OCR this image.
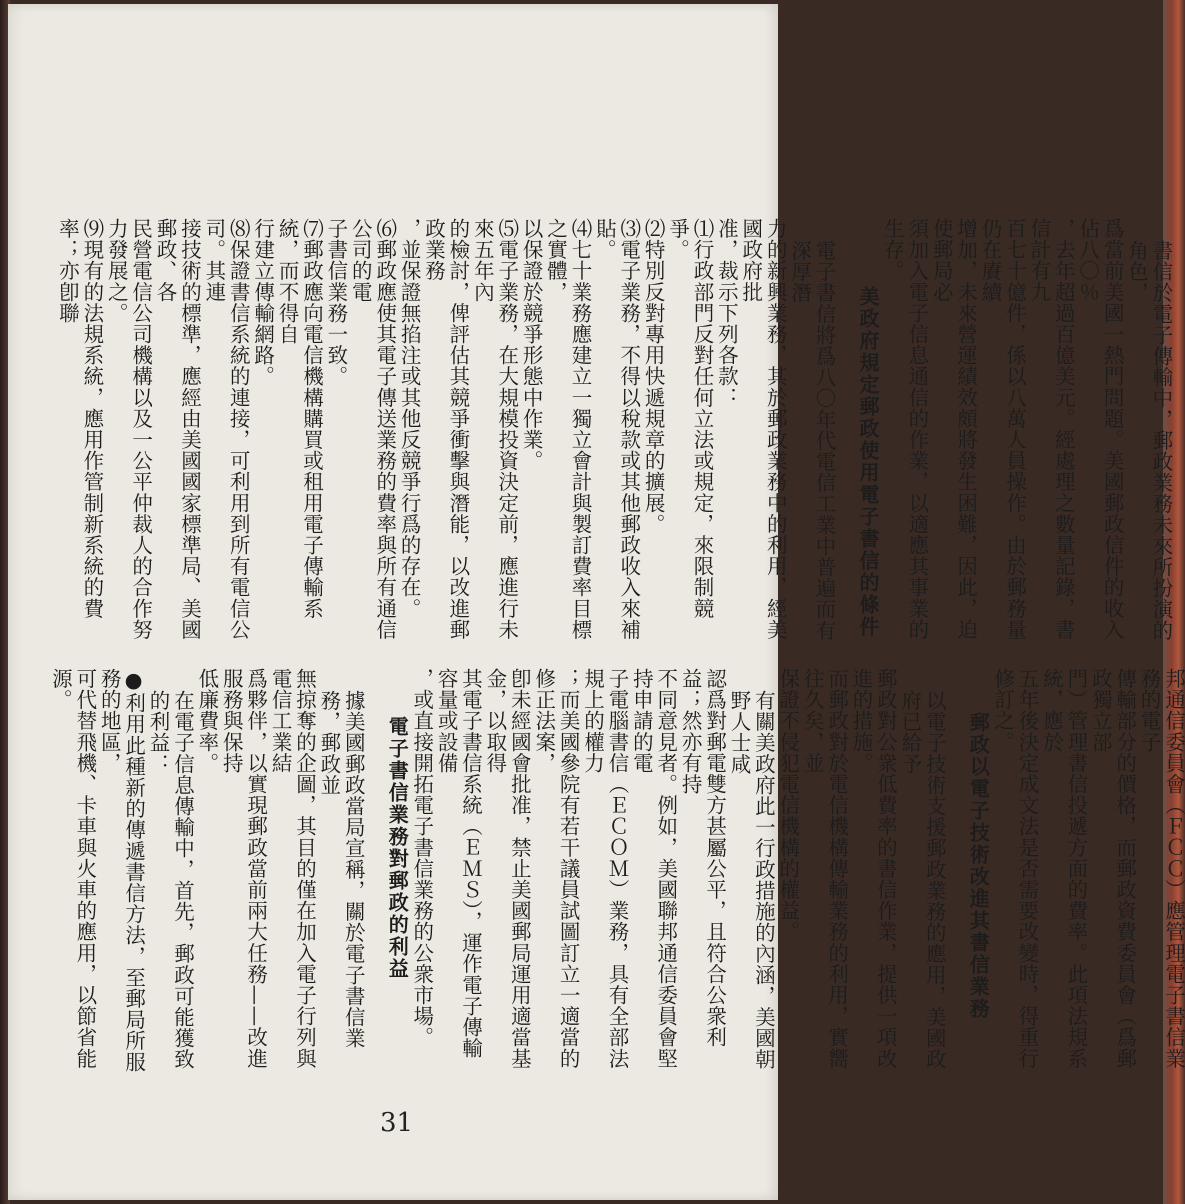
書信於電子傳輸中，郵政業務未來所扮演的角色，

爲當前美國一熱門問題。美國郵政信件的收入佔八〇％

，去年超過百億美元。經處理之數量記錄，書信計有九

百七十億件，係以八萬人員操作。由於郵務量仍在賡續

增加，未來營運績效頗將發生困難，因此，迫使郵局必

須加入電子信息通信的作業，以適應其事業的生存。

美政府規定郵政使用電子書信的條件

電子書信將爲八〇年代電信工業中普遍而有深厚潛

力的新興業務，其於郵政業務中的利用，經美國政府批

准，裁示下列各款：

⑴行政部門反對任何立法或規定，來限制競爭。

⑵特別反對專用快遞規章的擴展。

⑶電子業務，不得以稅款或其他郵政收入來補貼。

⑷七十業務應建立一獨立會計與製訂費率目標之實體，

以保證於競爭形態中作業。

⑸電子業務，在大規模投資決定前，應進行未來五年內

的檢討，俾評估其競爭衝擊與潛能，以改進郵政業務

，並保證無掐注或其他反競爭行爲的存在。

⑹郵政應使其電子傳送業務的費率與所有通信公司的電

子書信業務一致。

⑺郵政應向電信機構購買或租用電子傳輸系統，而不得自

行建立傳輸網路。

⑻保證書信系統的連接，可利用到所有電信公司。其連

接技術的標準，應經由美國國家標準局、美國郵政、各

民營電信公司機構以及一公平仲裁人的合作努力發展之。

⑼現有的法規系統，應用作管制新系統的費率；亦卽聯

邦通信委員會（ＦＣＣ）應管理電子書信業務的電子

傳輸部分的價格，而郵政資費委員會（爲郵政獨立部

門）管理書信投遞方面的費率。此項法規系統，應於

五年後決定成文法是否需要改變時，得重行修訂之。

郵政以電子技術改進其書信業務

以電子技術支援郵政業務的應用，美國政府已給予

郵政對公衆低費率的書信作業，提供一項改進的措施。

而郵政對於電信機構傳輸業務的利用，實嚮往久矣，並

保證不侵犯電信機構的權益。

有關美政府此一行政措施的內涵，美國朝野人士咸

認爲對郵電雙方甚屬公平，且符合公衆利益；然亦有持

不同意見者。例如，美國聯邦通信委員會堅持申請的電

子電腦書信（ＥＣＯＭ）業務，具有全部法規上的權力

；而美國參院有若干議員試圖訂立一適當的修正法案，

卽未經國會批准，禁止美國郵局運用適當基金，以取得

其電子書信系統（ＥＭＳ），運作電子傳輸容量或設備

，或直接開拓電子書信業務的公衆市場。

電子書信業務對郵政的利益

據美國郵政當局宣稱，關於電子書信業務，郵政並

無掠奪的企圖，其目的僅在加入電子行列與電信工業結

爲夥伴，以實現郵政當前兩大任務——改進服務與保持

低廉費率。

在電子信息傳輸中，首先，郵政可能獲致的利益：

●利用此種新的傳遞書信方法，至郵局所服務的地區，

可代替飛機、卡車與火車的應用，以節省能源。

31
